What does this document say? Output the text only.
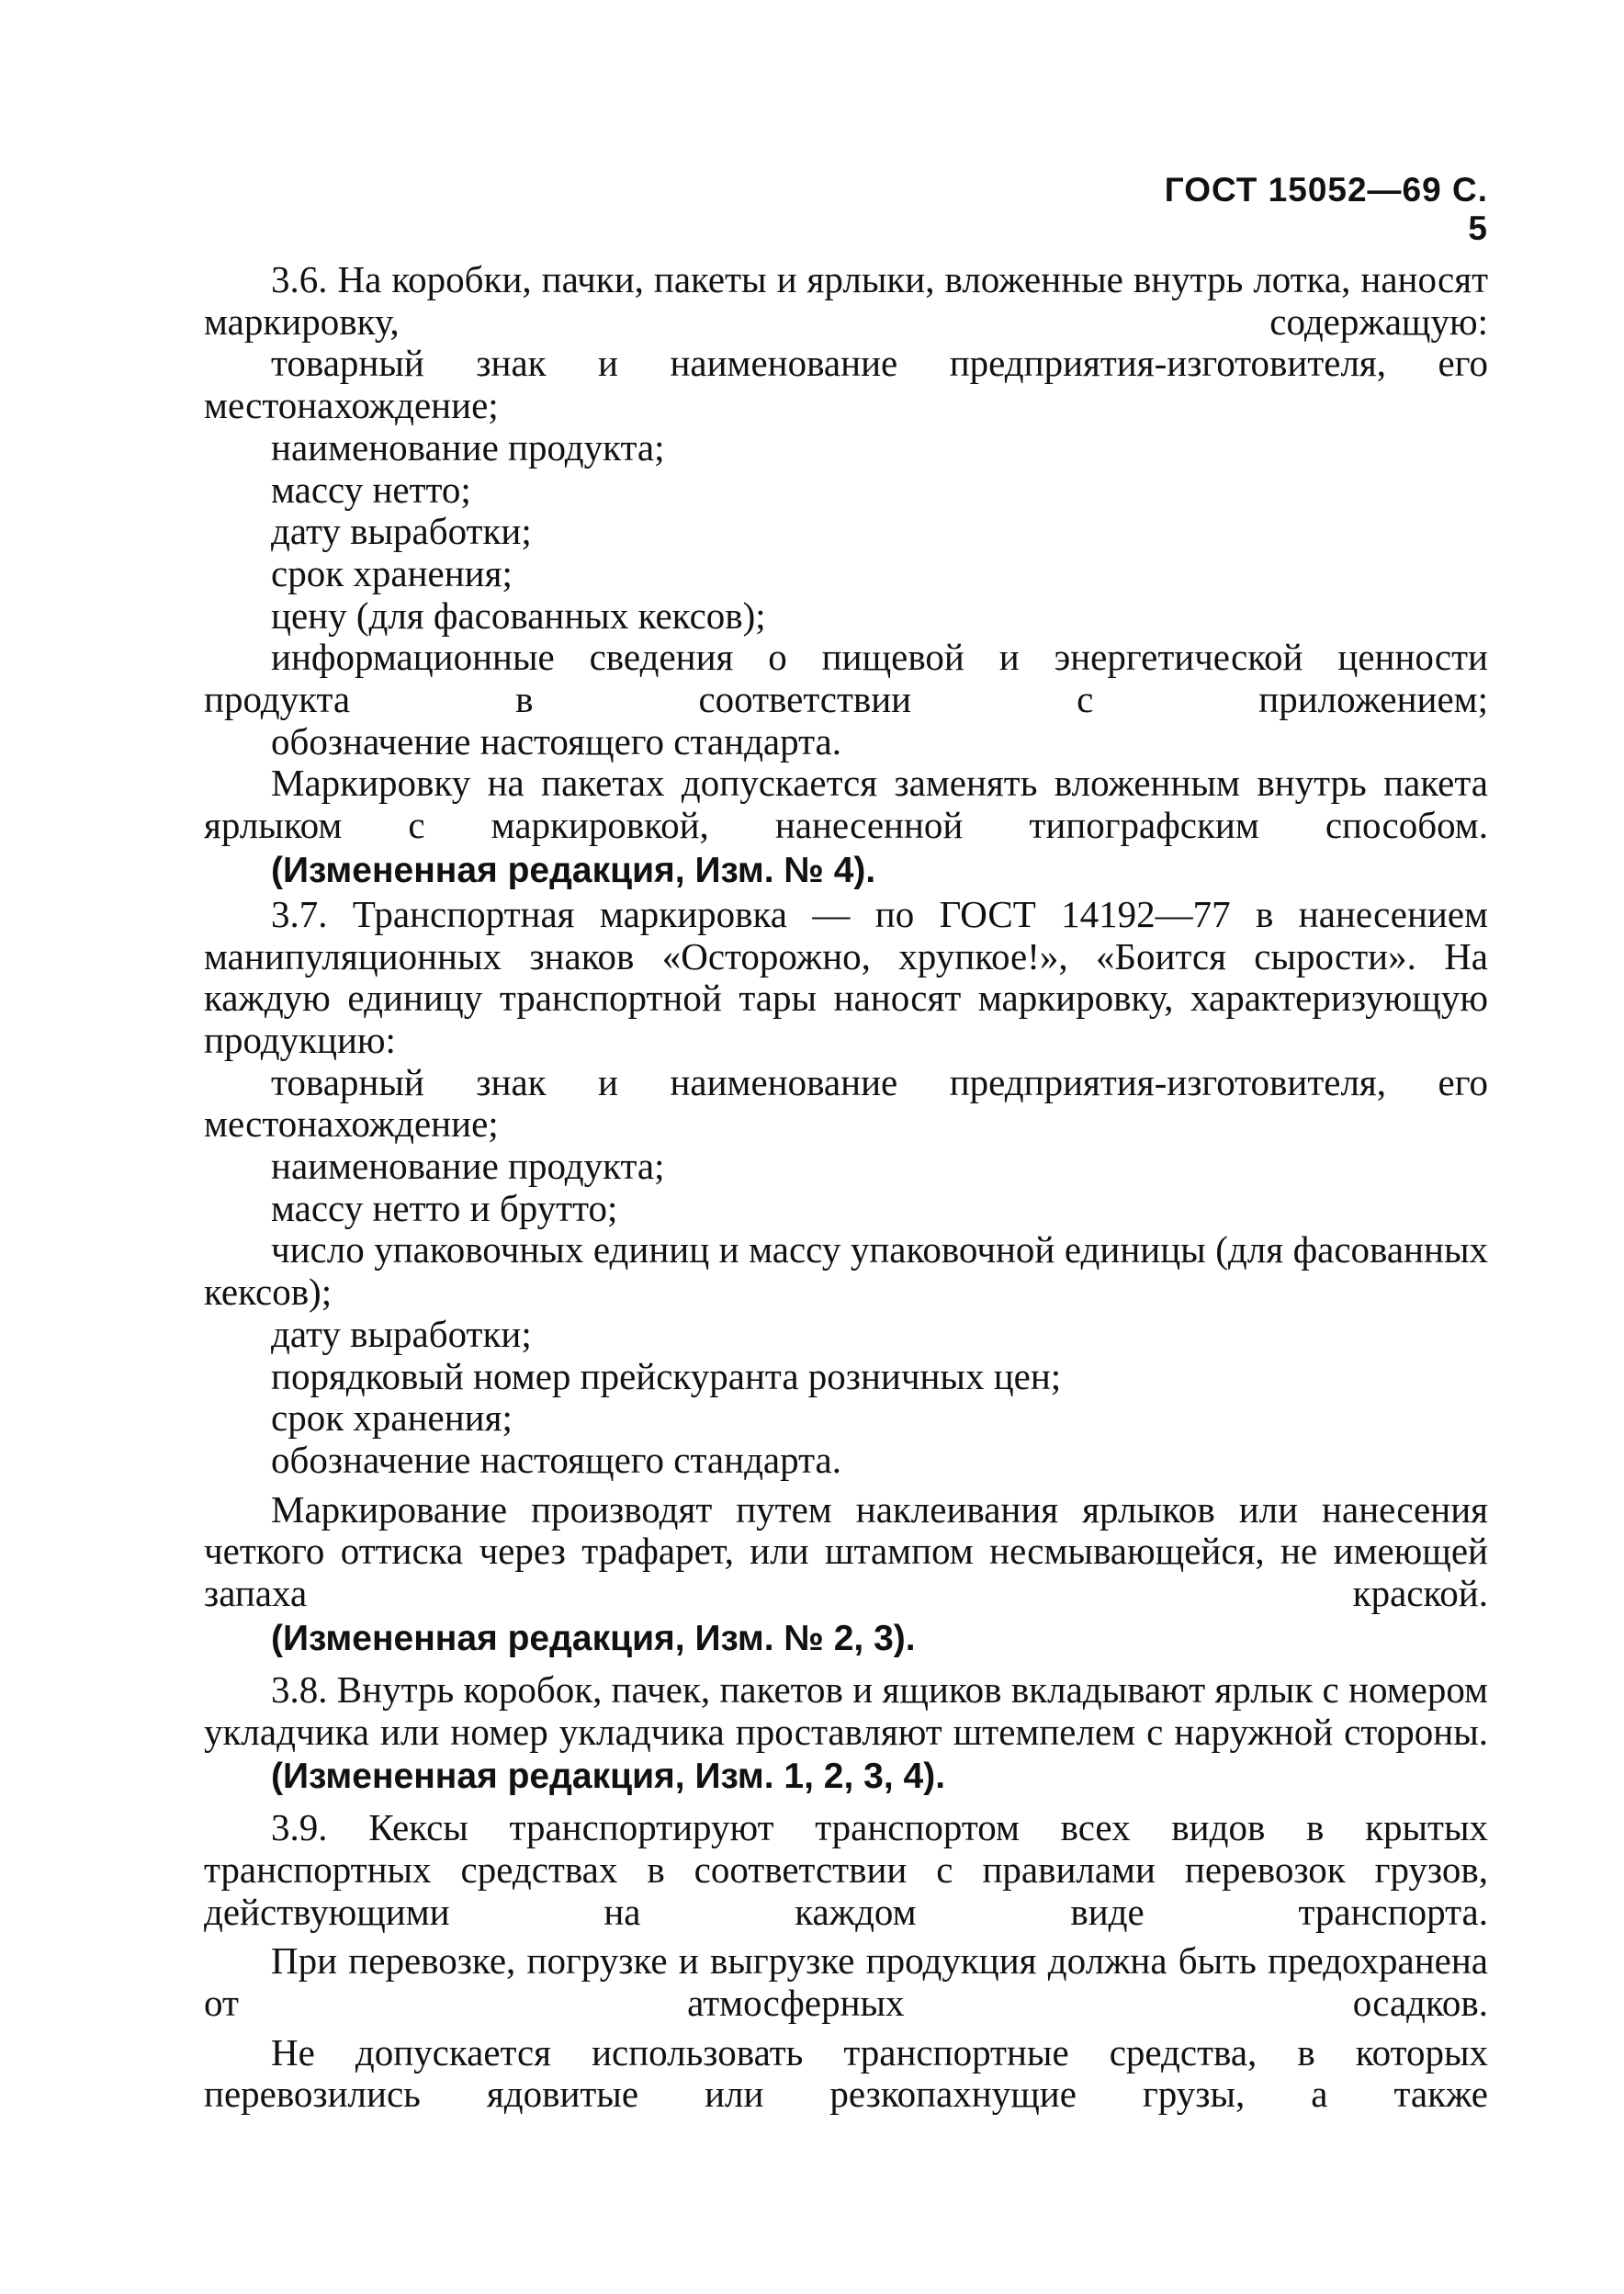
ГОСТ 15052—69 С. 5

3.6. На коробки, пачки, пакеты и ярлыки, вложенные внутрь лотка, наносят маркировку, содержащую:

товарный знак и наименование предприятия-изготовителя, его местонахождение;

наименование продукта;

массу нетто;

дату выработки;

срок хранения;

цену (для фасованных кексов);

информационные сведения о пищевой и энергетической ценности продукта в соответствии с приложением;

обозначение настоящего стандарта.

Маркировку на пакетах допускается заменять вложенным внутрь пакета ярлыком с маркировкой, нанесенной типографским способом.

(Измененная редакция, Изм. № 4).

3.7. Транспортная маркировка — по ГОСТ 14192—77 в нанесением манипуляционных знаков «Осторожно, хрупкое!», «Боится сырости». На каждую единицу транспортной тары наносят маркировку, характеризующую продукцию:

товарный знак и наименование предприятия-изготовителя, его местонахождение;

наименование продукта;

массу нетто и брутто;

число упаковочных единиц и массу упаковочной единицы (для фасованных кексов);

дату выработки;

порядковый номер прейскуранта розничных цен;

срок хранения;

обозначение настоящего стандарта.

Маркирование производят путем наклеивания ярлыков или нанесения четкого оттиска через трафарет, или штампом несмывающейся, не имеющей запаха краской.

(Измененная редакция, Изм. № 2, 3).

3.8. Внутрь коробок, пачек, пакетов и ящиков вкладывают ярлык с номером укладчика или номер укладчика проставляют штемпелем с наружной стороны.

(Измененная редакция, Изм. 1, 2, 3, 4).

3.9. Кексы транспортируют транспортом всех видов в крытых транспортных средствах в соответствии с правилами перевозок грузов, действующими на каждом виде транспорта.

При перевозке, погрузке и выгрузке продукция должна быть предохранена от атмосферных осадков.

Не допускается использовать транспортные средства, в которых перевозились ядовитые или резкопахнущие грузы, а также
